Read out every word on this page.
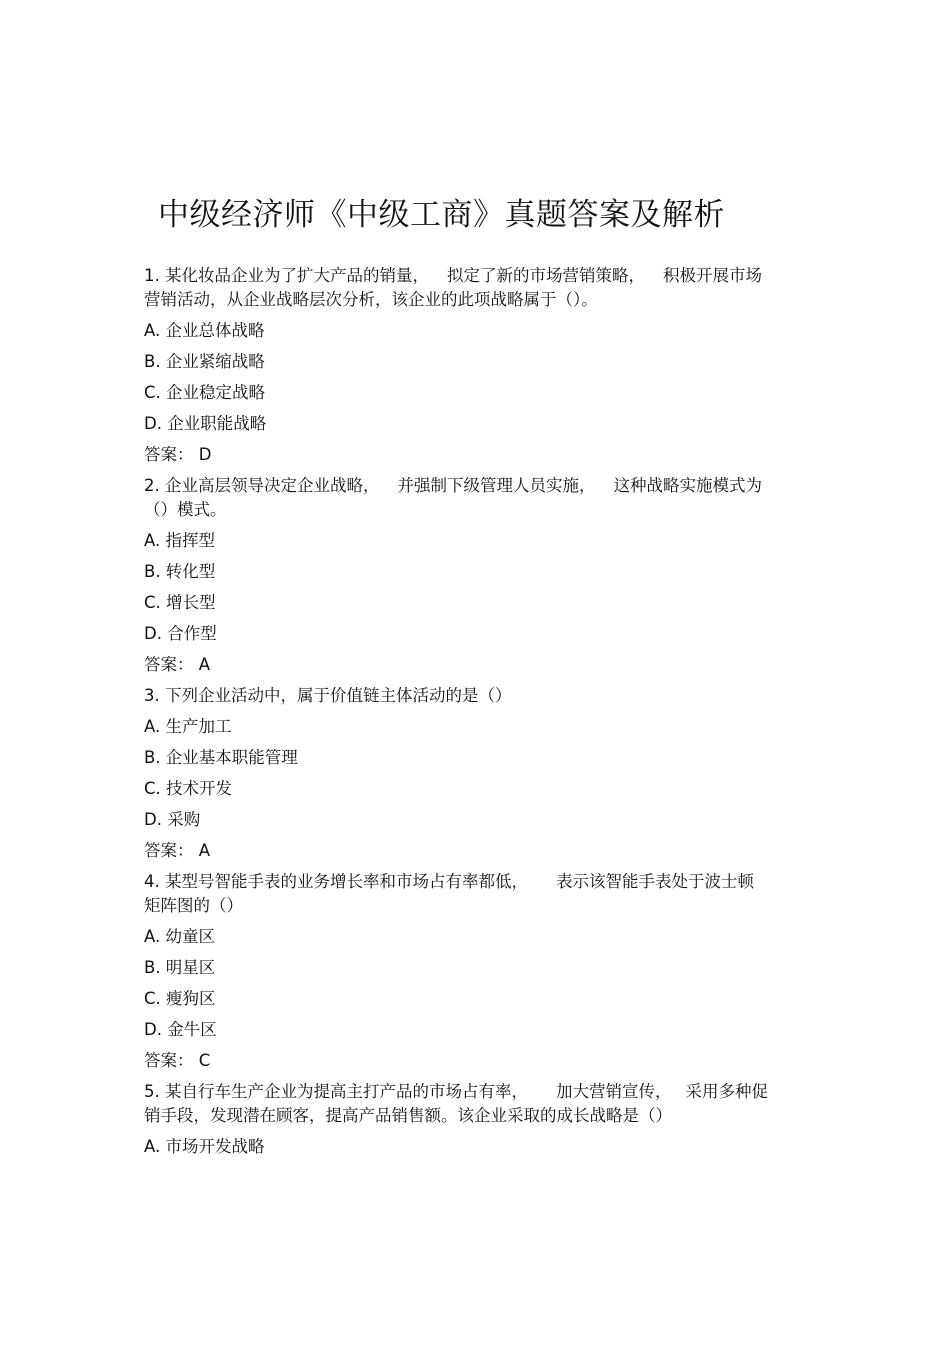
中级经济师《中级工商》真题答案及解析
1. 某化妆品企业为了扩大产品的销量， 拟定了新的市场营销策略， 积极开展市场
营销活动，从企业战略层次分析，该企业的此项战略属于（）。
A. 企业总体战略
B. 企业紧缩战略
C. 企业稳定战略
D. 企业职能战略
答案： D
2. 企业高层领导决定企业战略， 并强制下级管理人员实施， 这种战略实施模式为
（）模式。
A. 指挥型
B. 转化型
C. 增长型
D. 合作型
答案： A
3. 下列企业活动中，属于价值链主体活动的是（）
A. 生产加工
B. 企业基本职能管理
C. 技术开发
D. 采购
答案： A
4. 某型号智能手表的业务增长率和市场占有率都低， 表示该智能手表处于波士顿
矩阵图的（）
A. 幼童区
B. 明星区
C. 瘦狗区
D. 金牛区
答案： C
5. 某自行车生产企业为提高主打产品的市场占有率， 加大营销宣传， 采用多种促
销手段，发现潜在顾客，提高产品销售额。该企业采取的成长战略是（）
A. 市场开发战略
